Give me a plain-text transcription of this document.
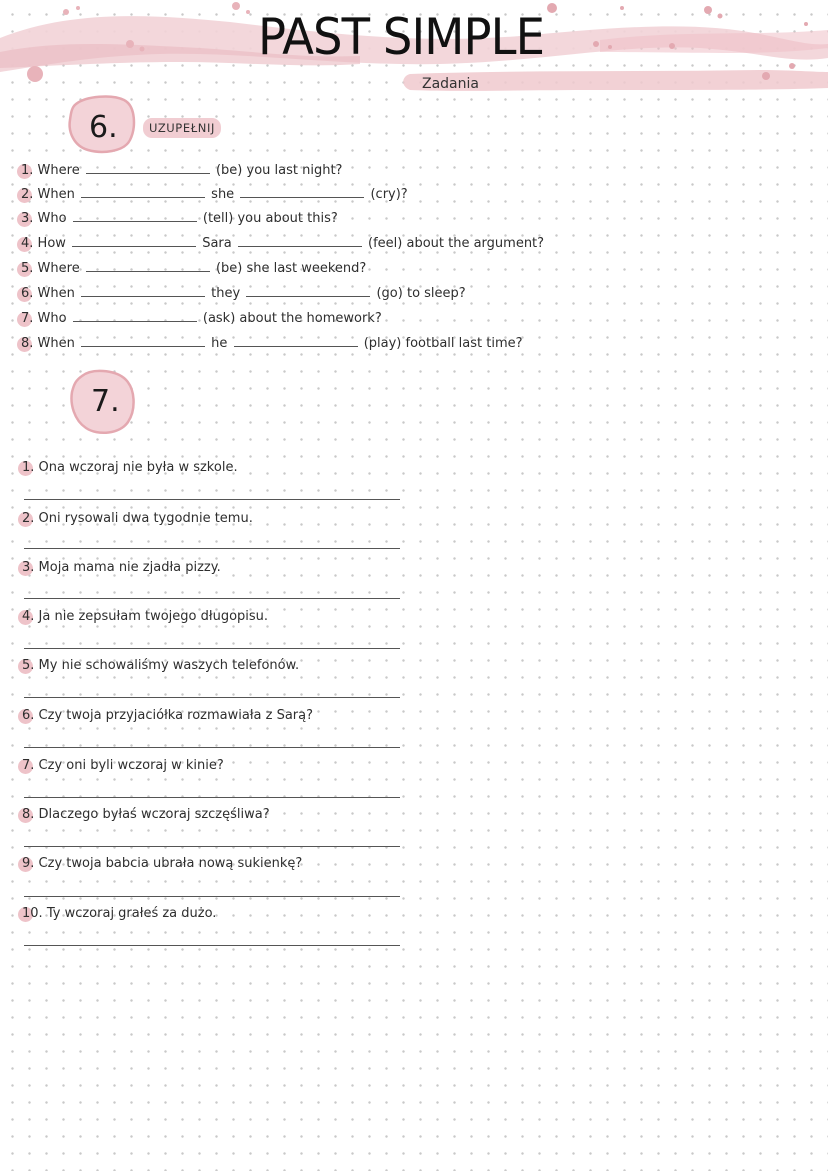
PAST SIMPLE
Zadania
6.	UZUPEŁNIJ
1. Where	(be) you last night?
2. When	she	(cry)?
3. Who	(tell) you about this?
4. How	Sara	(feel) about the argument?
5. Where	(be) she last weekend?
6. When	they	(go) to sleep?
7. Who	(ask) about the homework?
8. When	he	(play) football last time?
7.
1. Ona wczoraj nie była w szkole.
2. Oni rysowali dwa tygodnie temu.
3. Moja mama nie zjadła pizzy.
4. Ja nie zepsułam twojego długopisu.
5. My nie schowaliśmy waszych telefonów.
6. Czy twoja przyjaciółka rozmawiała z Sarą?
7. Czy oni byli wczoraj w kinie?
8. Dlaczego byłaś wczoraj szczęśliwa?
9. Czy twoja babcia ubrała nową sukienkę?
10. Ty wczoraj grałeś za dużo.
